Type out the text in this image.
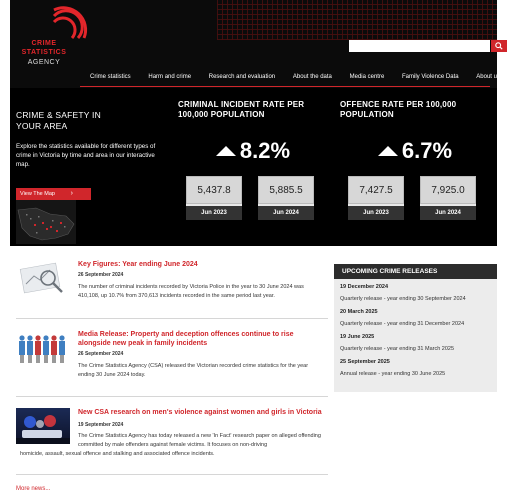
CRIME
STATISTICS
AGENCY
Crime statistics	Harm and crime	Research and evaluation	About the data	Media centre	Family Violence Data	About us
CRIME & SAFETY IN
YOUR AREA
Explore the statistics available for different types of crime in Victoria by time and area in our interactive map.
View The Map ›
CRIMINAL INCIDENT RATE PER
100,000 POPULATION
8.2%
5,437.8
Jun 2023
5,885.5
Jun 2024
OFFENCE RATE PER 100,000
POPULATION
6.7%
7,427.5
Jun 2023
7,925.0
Jun 2024
Key Figures: Year ending June 2024
26 September 2024
The number of criminal incidents recorded by Victoria Police in the year to 30 June 2024 was 410,108, up 10.7% from 370,613 incidents recorded in the same period last year.
Media Release: Property and deception offences continue to rise alongside new peak in family incidents
26 September 2024
The Crime Statistics Agency (CSA) released the Victorian recorded crime statistics for the year ending 30 June 2024 today.
New CSA research on men's violence against women and girls in Victoria
19 September 2024
The Crime Statistics Agency has today released a new 'In Fact' research paper on alleged offending committed by male offenders against female victims. It focuses on non-driving
homicide, assault, sexual offence and stalking and associated offence incidents.
More news...
UPCOMING CRIME RELEASES
19 December 2024
Quarterly release - year ending 30 September 2024
20 March 2025
Quarterly release - year ending 31 December 2024
19 June 2025
Quarterly release - year ending 31 March 2025
25 September 2025
Annual release - year ending 30 June 2025
